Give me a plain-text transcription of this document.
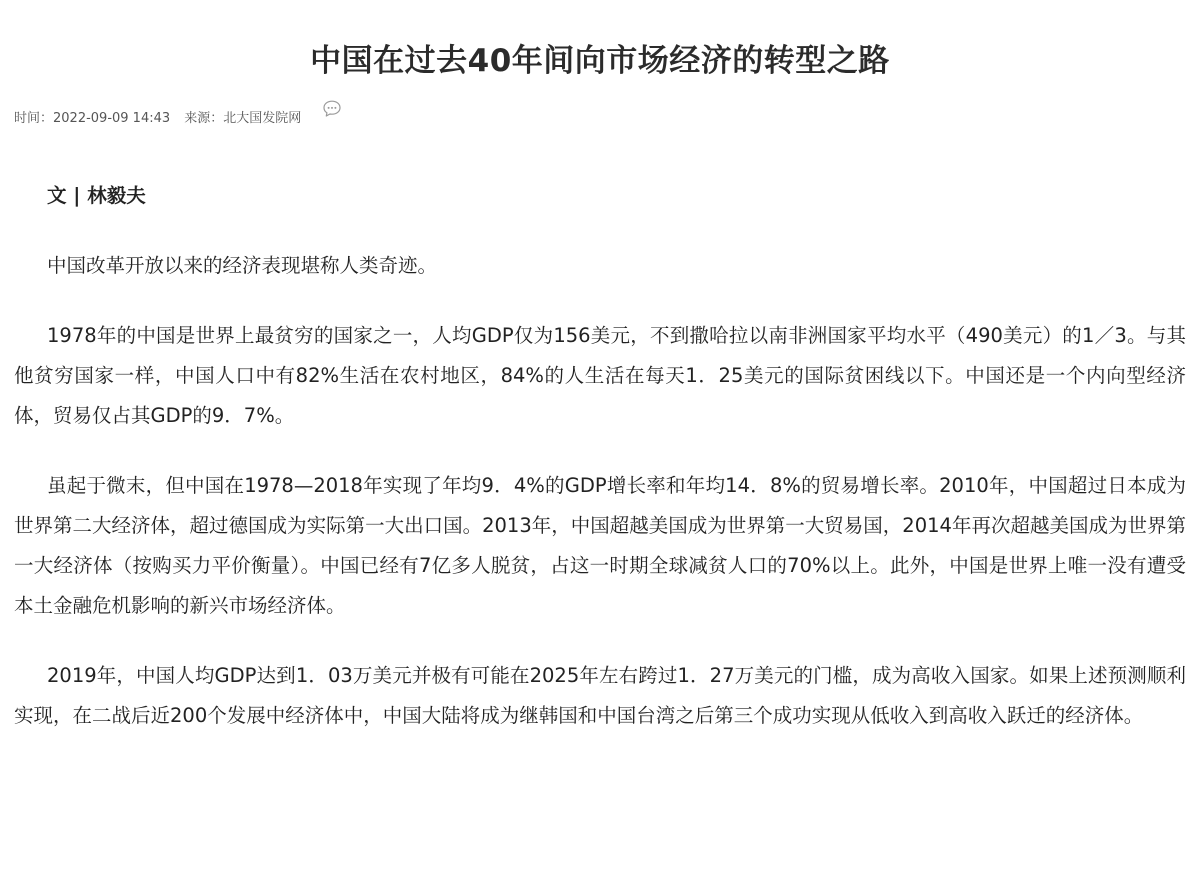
中国在过去40年间向市场经济的转型之路
时间：2022-09-09 14:43 来源：北大国发院网

文 | 林毅夫

中国改革开放以来的经济表现堪称人类奇迹。

1978年的中国是世界上最贫穷的国家之一，人均GDP仅为156美元，不到撒哈拉以南非洲国家平均水平（490美元）的1／3。与其他贫穷国家一样，中国人口中有82%生活在农村地区，84%的人生活在每天1．25美元的国际贫困线以下。中国还是一个内向型经济体，贸易仅占其GDP的9．7%。

虽起于微末，但中国在1978—2018年实现了年均9．4%的GDP增长率和年均14．8%的贸易增长率。2010年，中国超过日本成为世界第二大经济体，超过德国成为实际第一大出口国。2013年，中国超越美国成为世界第一大贸易国，2014年再次超越美国成为世界第一大经济体（按购买力平价衡量）。中国已经有7亿多人脱贫，占这一时期全球减贫人口的70%以上。此外，中国是世界上唯一没有遭受本土金融危机影响的新兴市场经济体。

2019年，中国人均GDP达到1．03万美元并极有可能在2025年左右跨过1．27万美元的门槛，成为高收入国家。如果上述预测顺利实现，在二战后近200个发展中经济体中，中国大陆将成为继韩国和中国台湾之后第三个成功实现从低收入到高收入跃迁的经济体。
